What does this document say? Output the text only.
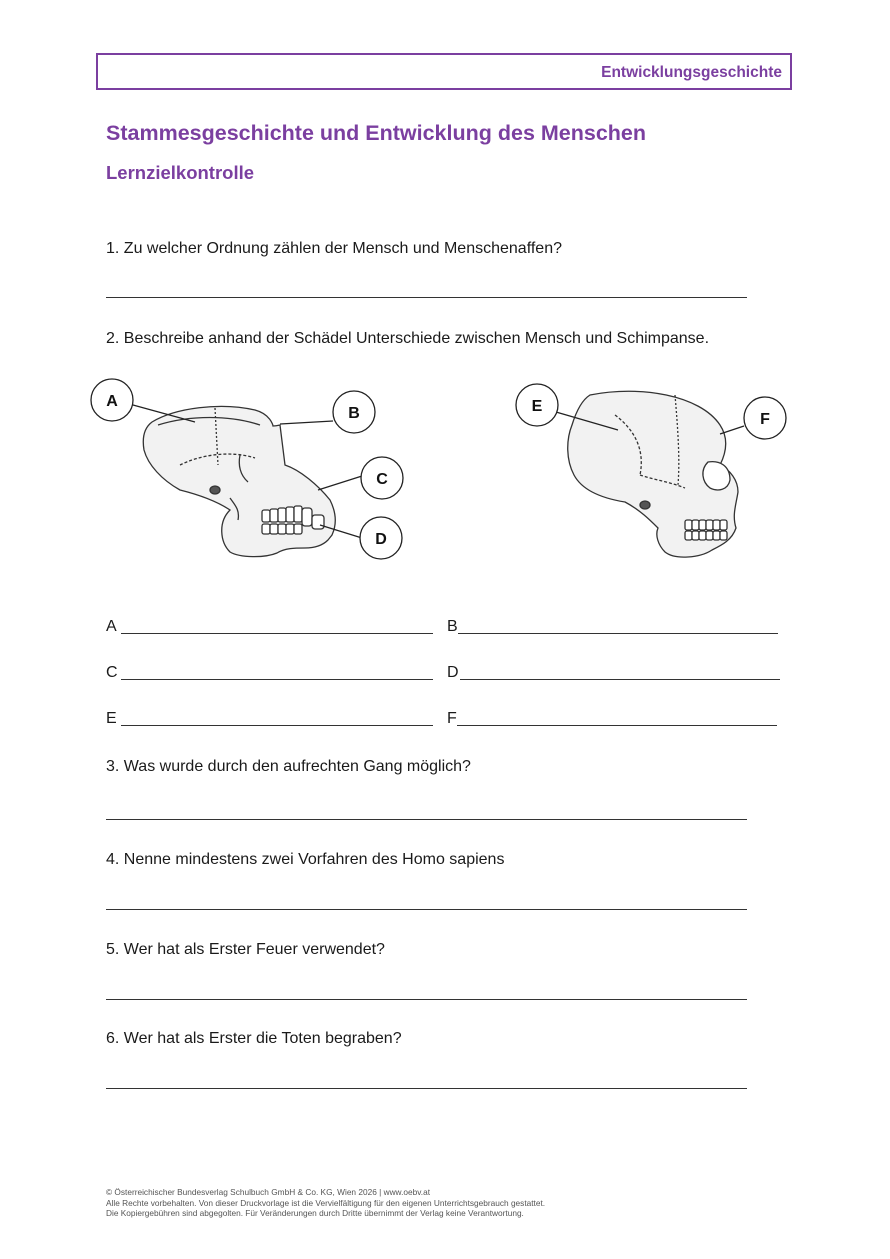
Entwicklungsgeschichte
Stammesgeschichte und Entwicklung des Menschen
Lernzielkontrolle
1. Zu welcher Ordnung zählen der Mensch und Menschenaffen?
2. Beschreibe anhand der Schädel Unterschiede zwischen Mensch und Schimpanse.
A
B
C
D
E
F
A	B
C	D
E	F
3. Was wurde durch den aufrechten Gang möglich?
4. Nenne mindestens zwei Vorfahren des Homo sapiens
5. Wer hat als Erster Feuer verwendet?
6. Wer hat als Erster die Toten begraben?
© Österreichischer Bundesverlag Schulbuch GmbH & Co. KG, Wien 2026 | www.oebv.at
Alle Rechte vorbehalten. Von dieser Druckvorlage ist die Vervielfältigung für den eigenen Unterrichtsgebrauch gestattet.
Die Kopiergebühren sind abgegolten. Für Veränderungen durch Dritte übernimmt der Verlag keine Verantwortung.
